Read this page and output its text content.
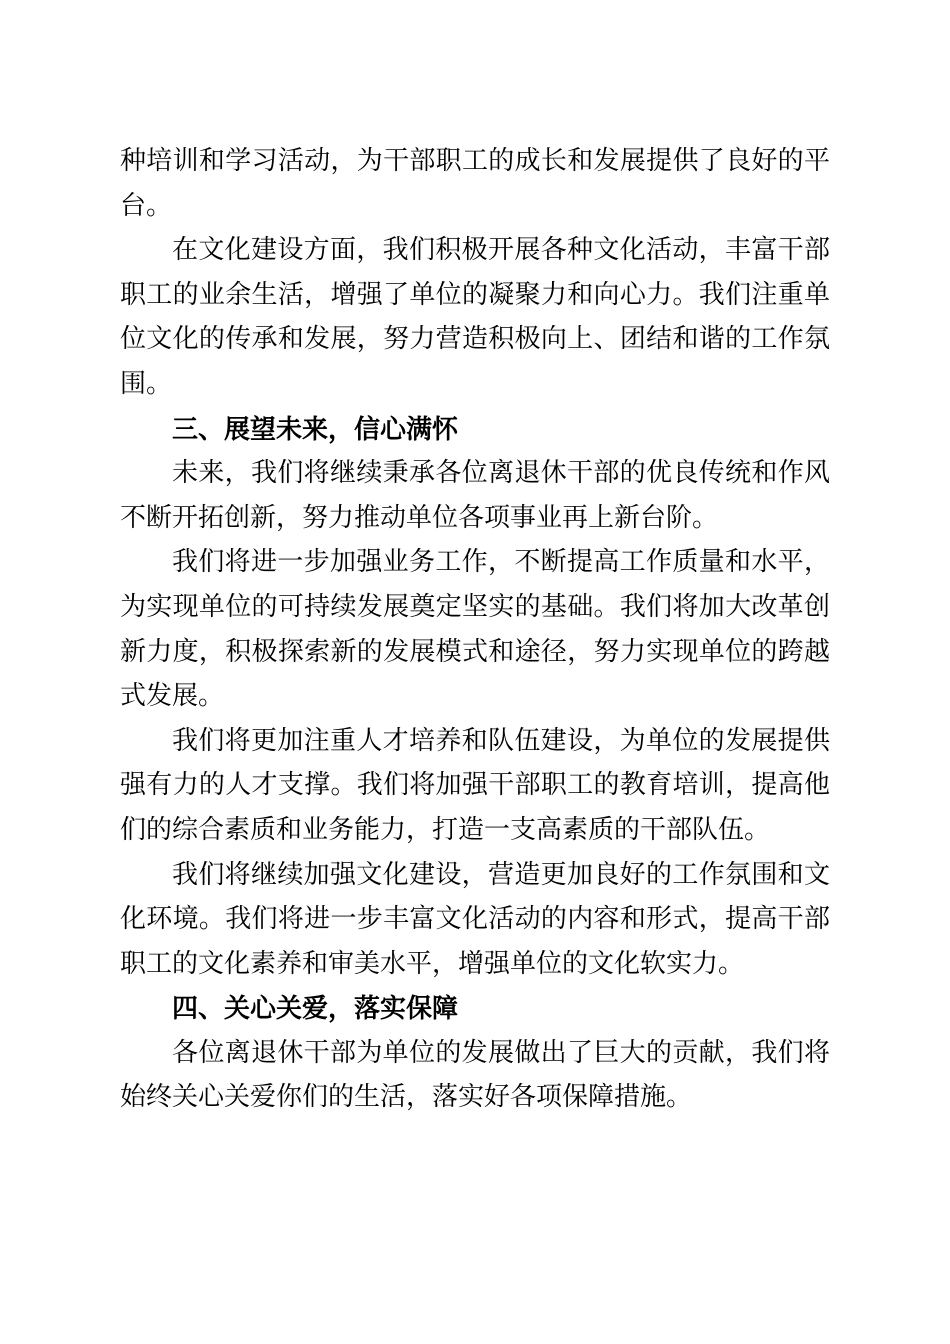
种培训和学习活动，为干部职工的成长和发展提供了良好的平台。

在文化建设方面，我们积极开展各种文化活动，丰富干部职工的业余生活，增强了单位的凝聚力和向心力。我们注重单位文化的传承和发展，努力营造积极向上、团结和谐的工作氛围。

三、展望未来，信心满怀

未来，我们将继续秉承各位离退休干部的优良传统和作风不断开拓创新，努力推动单位各项事业再上新台阶。

我们将进一步加强业务工作，不断提高工作质量和水平，为实现单位的可持续发展奠定坚实的基础。我们将加大改革创新力度，积极探索新的发展模式和途径，努力实现单位的跨越式发展。

我们将更加注重人才培养和队伍建设，为单位的发展提供强有力的人才支撑。我们将加强干部职工的教育培训，提高他们的综合素质和业务能力，打造一支高素质的干部队伍。

我们将继续加强文化建设，营造更加良好的工作氛围和文化环境。我们将进一步丰富文化活动的内容和形式，提高干部职工的文化素养和审美水平，增强单位的文化软实力。

四、关心关爱，落实保障

各位离退休干部为单位的发展做出了巨大的贡献，我们将始终关心关爱你们的生活，落实好各项保障措施。
